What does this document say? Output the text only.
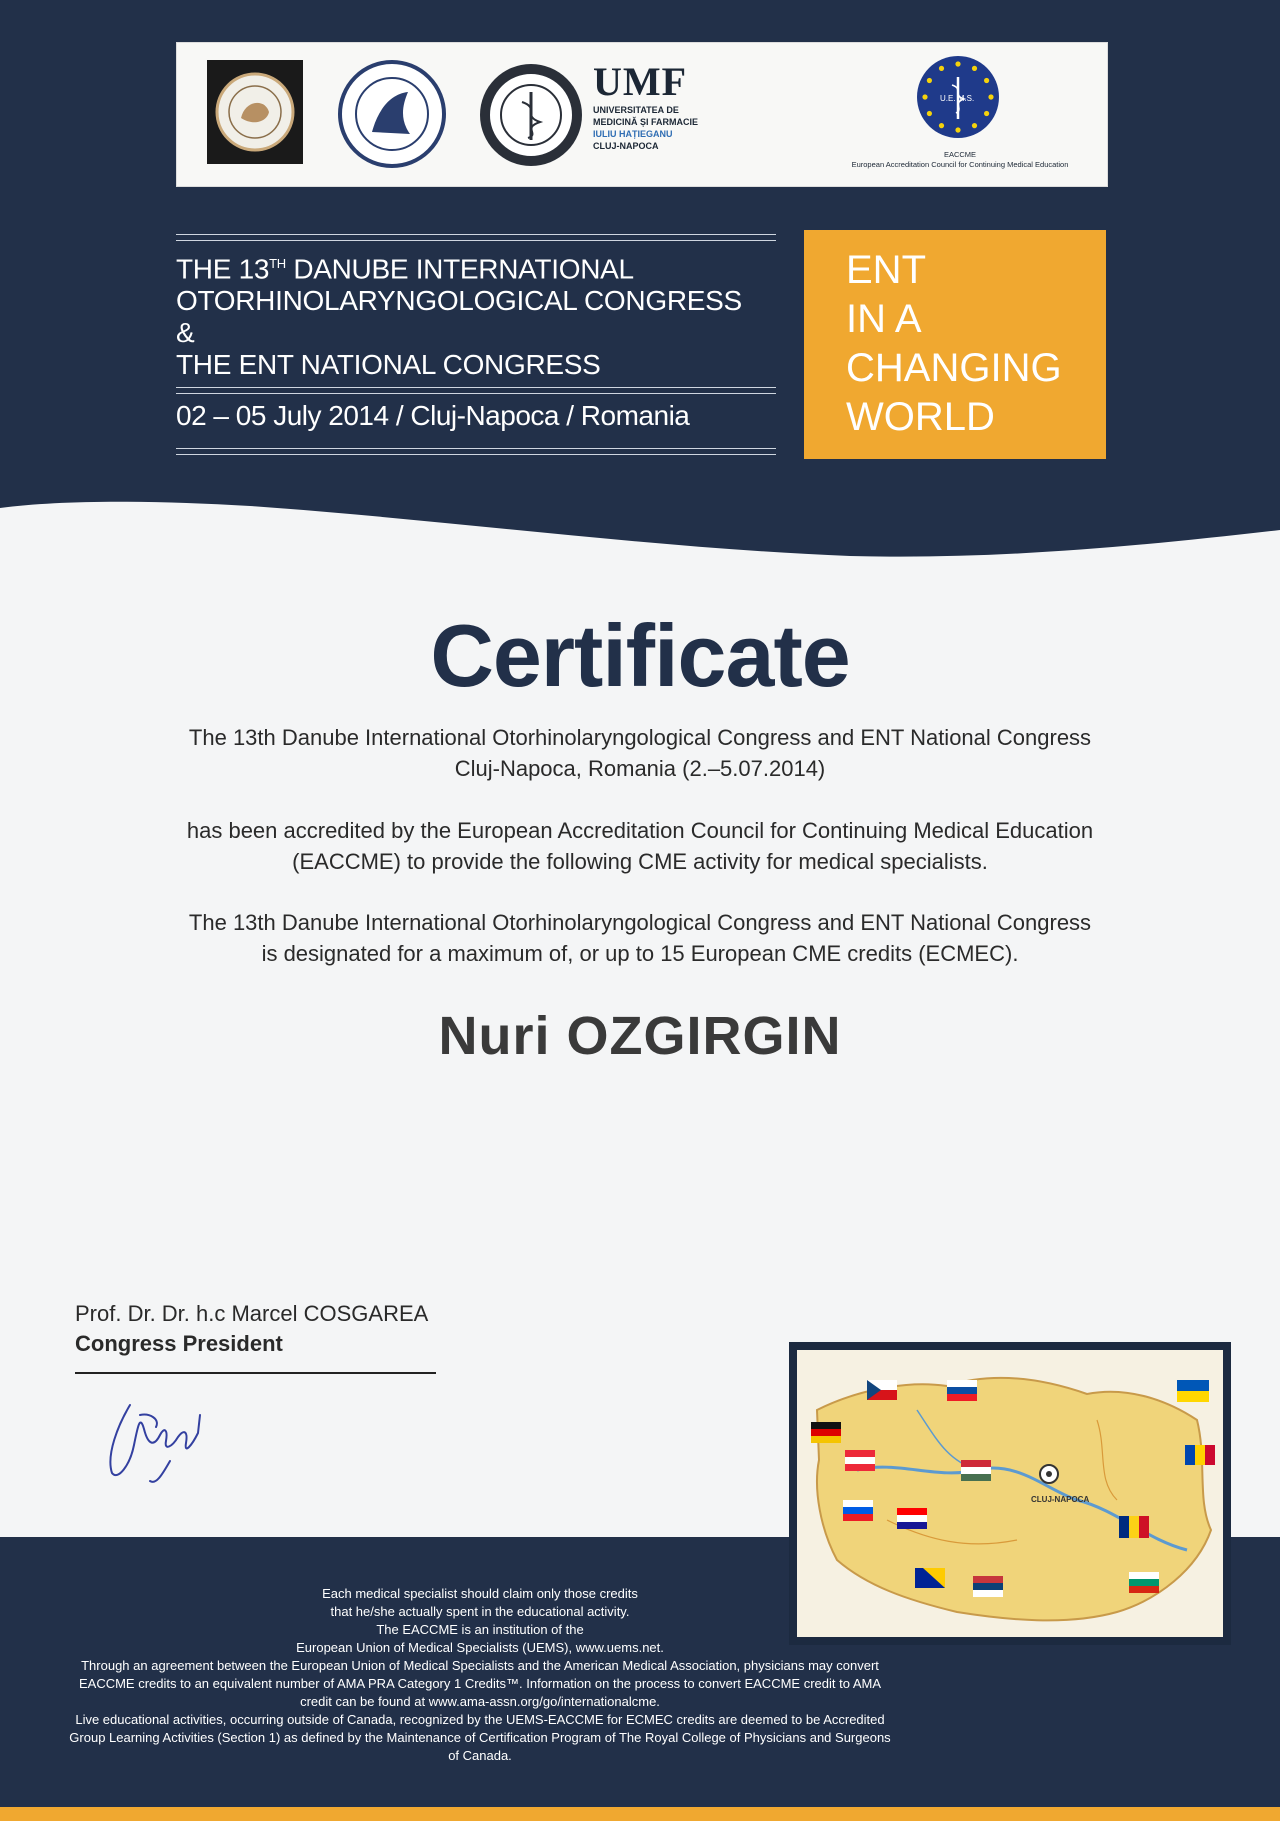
UMF
UNIVERSITATEA DE
MEDICINĂ ȘI FARMACIE
IULIU HAȚIEGANU
CLUJ-NAPOCA
U.E. M.S.
EACCME
European Accreditation Council for Continuing Medical Education
THE 13TH DANUBE INTERNATIONAL
OTORHINOLARYNGOLOGICAL CONGRESS
&
THE ENT NATIONAL CONGRESS
02 – 05 July 2014 / Cluj-Napoca / Romania
ENT
IN A
CHANGING
WORLD
Certificate
The 13th Danube International Otorhinolaryngological Congress and ENT National Congress
Cluj-Napoca, Romania (2.–5.07.2014)
has been accredited by the European Accreditation Council for Continuing Medical Education
(EACCME) to provide the following CME activity for medical specialists.
The 13th Danube International Otorhinolaryngological Congress and ENT National Congress
is designated for a maximum of, or up to 15 European CME credits (ECMEC).
Nuri OZGIRGIN
Prof. Dr. Dr. h.c Marcel COSGAREA
Congress President
Each medical specialist should claim only those credits
that he/she actually spent in the educational activity.
The EACCME is an institution of the
European Union of Medical Specialists (UEMS), www.uems.net.
Through an agreement between the European Union of Medical Specialists and the American Medical Association, physicians may convert
EACCME credits to an equivalent number of AMA PRA Category 1 Credits™. Information on the process to convert EACCME credit to AMA
credit can be found at www.ama-assn.org/go/internationalcme.
Live educational activities, occurring outside of Canada, recognized by the UEMS-EACCME for ECMEC credits are deemed to be Accredited
Group Learning Activities (Section 1) as defined by the Maintenance of Certification Program of The Royal College of Physicians and Surgeons
of Canada.
CLUJ-NAPOCA
